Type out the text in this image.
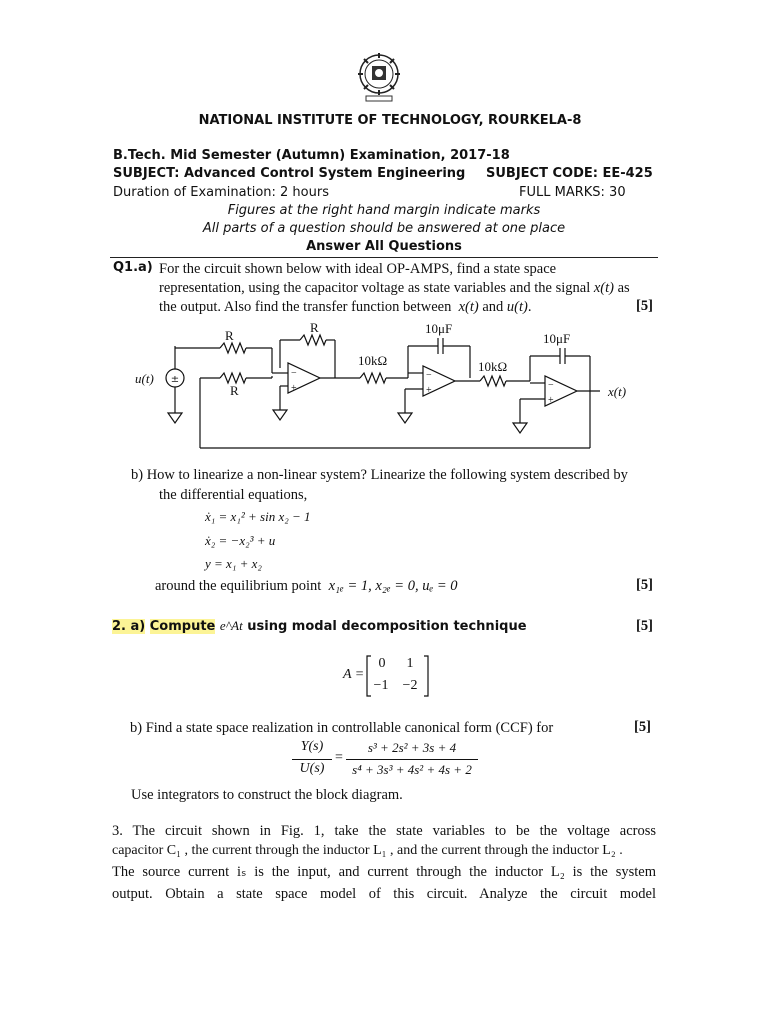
NATIONAL INSTITUTE OF TECHNOLOGY, ROURKELA-8
B.Tech. Mid Semester (Autumn) Examination, 2017-18
SUBJECT: Advanced Control System Engineering SUBJECT CODE: EE-425
Duration of Examination: 2 hours	FULL MARKS: 30
Figures at the right hand margin indicate marks
All parts of a question should be answered at one place
Answer All Questions
Q1.a) For the circuit shown below with ideal OP-AMPS, find a state space
representation, using the capacitor voltage as state variables and the signal x(t) as
the output. Also find the transfer function between x(t) and u(t).	[5]
±
R
R
R
10μF
10μF
10kΩ	10kΩ
u(t)
x(t)
−
+
−
+	−
+
b) How to linearize a non-linear system? Linearize the following system described by
the differential equations,
ẋ₁ = x₁² + sin x₂ − 1
ẋ₂ = −x₂³ + u
y = x₁ + x₂
around the equilibrium point x₁ₑ = 1, x₂ₑ = 0, uₑ = 0	[5]
2. a) Compute e^At using modal decomposition technique	[5]
A =
0	1
−1	−2
b) Find a state space realization in controllable canonical form (CCF) for	[5]
Y(s)
U(s)
=
s³ + 2s² + 3s + 4
s⁴ + 3s³ + 4s² + 4s + 2
Use integrators to construct the block diagram.
3. The circuit shown in Fig. 1, take the state variables to be the voltage across
capacitor C₁ , the current through the inductor L₁ , and the current through the inductor L₂ .
The source current iₛ is the input, and current through the inductor L₂ is the system
output. Obtain a state space model of this circuit. Analyze the circuit model
